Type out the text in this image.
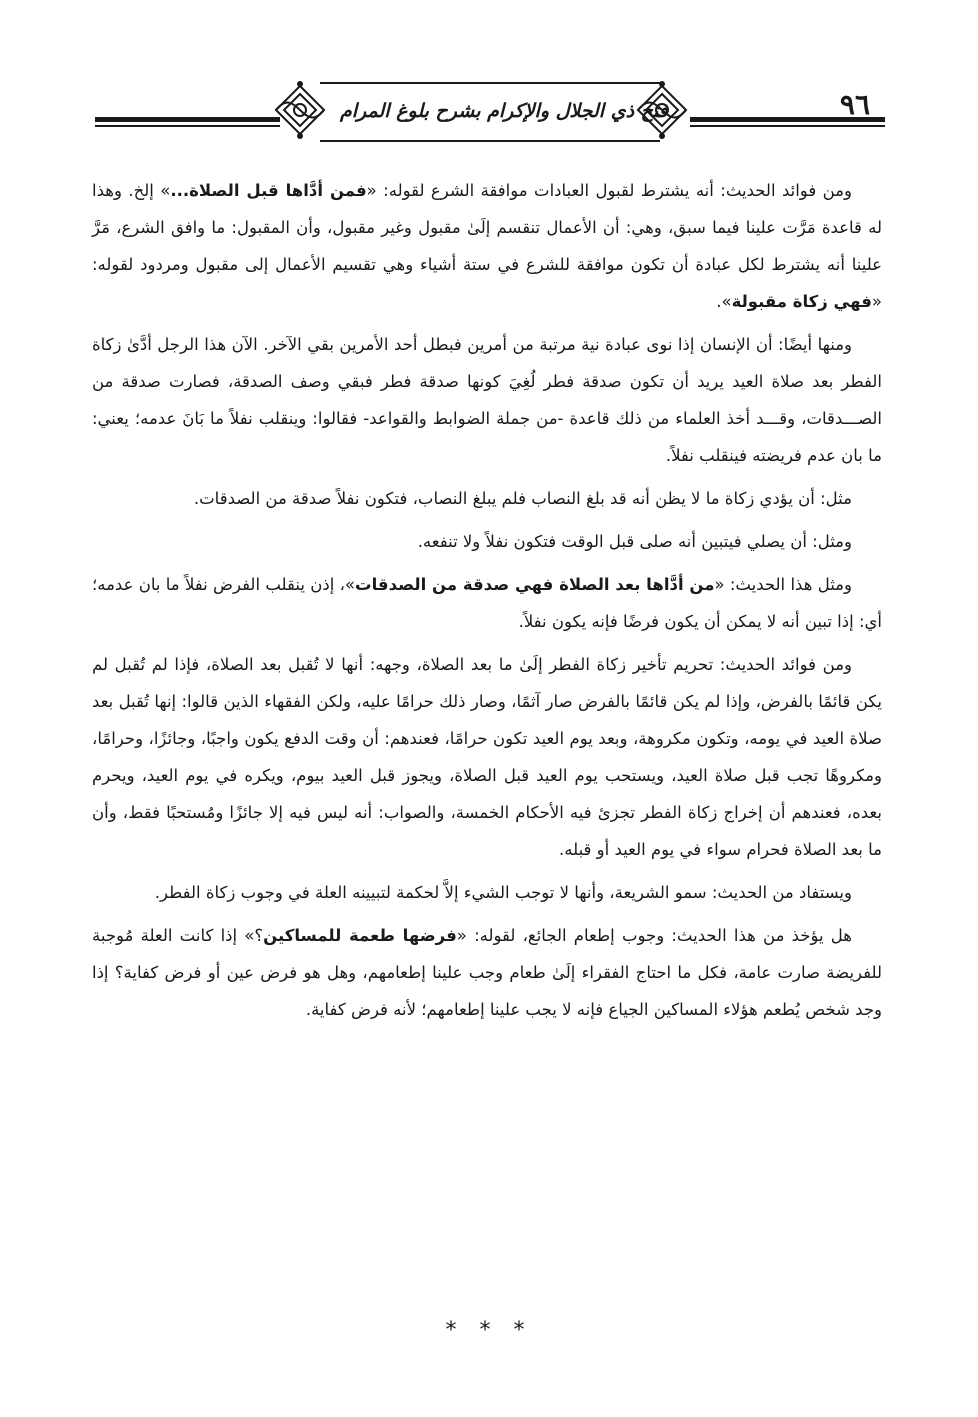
فتح ذي الجلال والإكرام بشرح بلوغ المرام	٩٦

ومن فوائد الحديث: أنه يشترط لقبول العبادات موافقة الشرع لقوله: «فمن أدَّاها قبل الصلاة...» إلخ. وهذا له قاعدة مَرَّت علينا فيما سبق، وهي: أن الأعمال تنقسم إلَىٰ مقبول وغير مقبول، وأن المقبول: ما وافق الشرع، مَرَّ علينا أنه يشترط لكل عبادة أن تكون موافقة للشرع في ستة أشياء وهي تقسيم الأعمال إلى مقبول ومردود لقوله: «فهي زكاة مقبولة».

ومنها أيضًا: أن الإنسان إذا نوى عبادة نية مرتبة من أمرين فبطل أحد الأمرين بقي الآخر. الآن هذا الرجل أدَّىٰ زكاة الفطر بعد صلاة العيد يريد أن تكون صدقة فطر لُغِيَ كونها صدقة فطر فبقي وصف الصدقة، فصارت صدقة من الصـــدقات، وقـــد أخذ العلماء من ذلك قاعدة -من جملة الضوابط والقواعد- فقالوا: وينقلب نفلاً ما بَانَ عدمه؛ يعني: ما بان عدم فريضته فينقلب نفلاً.

مثل: أن يؤدي زكاة ما لا يظن أنه قد بلغ النصاب فلم يبلغ النصاب، فتكون نفلاً صدقة من الصدقات.

ومثل: أن يصلي فيتبين أنه صلى قبل الوقت فتكون نفلاً ولا تنفعه.

ومثل هذا الحديث: «من أدَّاها بعد الصلاة فهي صدقة من الصدقات»، إذن ينقلب الفرض نفلاً ما بان عدمه؛ أي: إذا تبين أنه لا يمكن أن يكون فرضًا فإنه يكون نفلاً.

ومن فوائد الحديث: تحريم تأخير زكاة الفطر إلَىٰ ما بعد الصلاة، وجهه: أنها لا تُقبل بعد الصلاة، فإذا لم تُقبل لم يكن قائمًا بالفرض، وإذا لم يكن قائمًا بالفرض صار آثمًا، وصار ذلك حرامًا عليه، ولكن الفقهاء الذين قالوا: إنها تُقبل بعد صلاة العيد في يومه، وتكون مكروهة، وبعد يوم العيد تكون حرامًا، فعندهم: أن وقت الدفع يكون واجبًا، وجائزًا، وحرامًا، ومكروهًا تجب قبل صلاة العيد، ويستحب يوم العيد قبل الصلاة، ويجوز قبل العيد بيوم، ويكره في يوم العيد، ويحرم بعده، فعندهم أن إخراج زكاة الفطر تجزئ فيه الأحكام الخمسة، والصواب: أنه ليس فيه إلا جائزًا ومُستحبًا فقط، وأن ما بعد الصلاة فحرام سواء في يوم العيد أو قبله.

ويستفاد من الحديث: سمو الشريعة، وأنها لا توجب الشيء إلاَّ لحكمة لتبيينه العلة في وجوب زكاة الفطر.

هل يؤخذ من هذا الحديث: وجوب إطعام الجائع، لقوله: «فرضها طعمة للمساكين؟» إذا كانت العلة مُوجبة للفريضة صارت عامة، فكل ما احتاج الفقراء إلَىٰ طعام وجب علينا إطعامهم، وهل هو فرض عين أو فرض كفاية؟ إذا وجد شخص يُطعم هؤلاء المساكين الجياع فإنه لا يجب علينا إطعامهم؛ لأنه فرض كفاية.

* * *
